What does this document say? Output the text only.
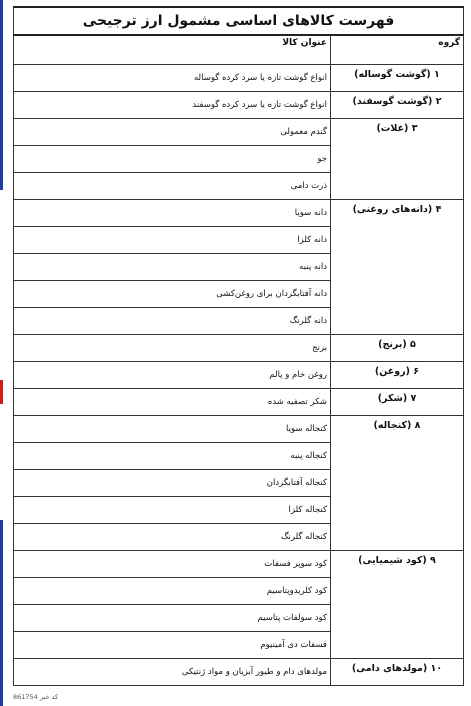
فهرست کالاهای اساسی مشمول ارز ترجیحی	
گروه	عنوان کالا
۱ (گوشت گوساله)	انواع گوشت تازه یا سرد کرده گوساله
۲ (گوشت گوسفند)	انواع گوشت تازه یا سرد کرده گوسفند
۳ (غلات)	گندم معمولی
	جو
	ذرت دامی
۴ (دانه‌های روغنی)	دانه سویا
	دانه کلزا
	دانه پنبه
	دانه آفتابگردان برای روغن‌کشی
	دانه گلرنگ
۵ (برنج)	برنج
۶ (روغن)	روغن خام و پالم
۷ (شکر)	شکر تصفیه شده
۸ (کنجاله)	کنجاله سویا
	کنجاله پنبه
	کنجاله آفتابگردان
	کنجاله کلزا
	کنجاله گلرنگ
۹ (کود شیمیایی)	کود سوپر فسفات
	کود کلریدوپتاسیم
	کود سولفات پتاسیم
	فسفات دی آمینیوم
۱۰ (مولدهای دامی)	مولدهای دام و طیور آبزیان و مواد ژنتیکی
کد خبر 861754
